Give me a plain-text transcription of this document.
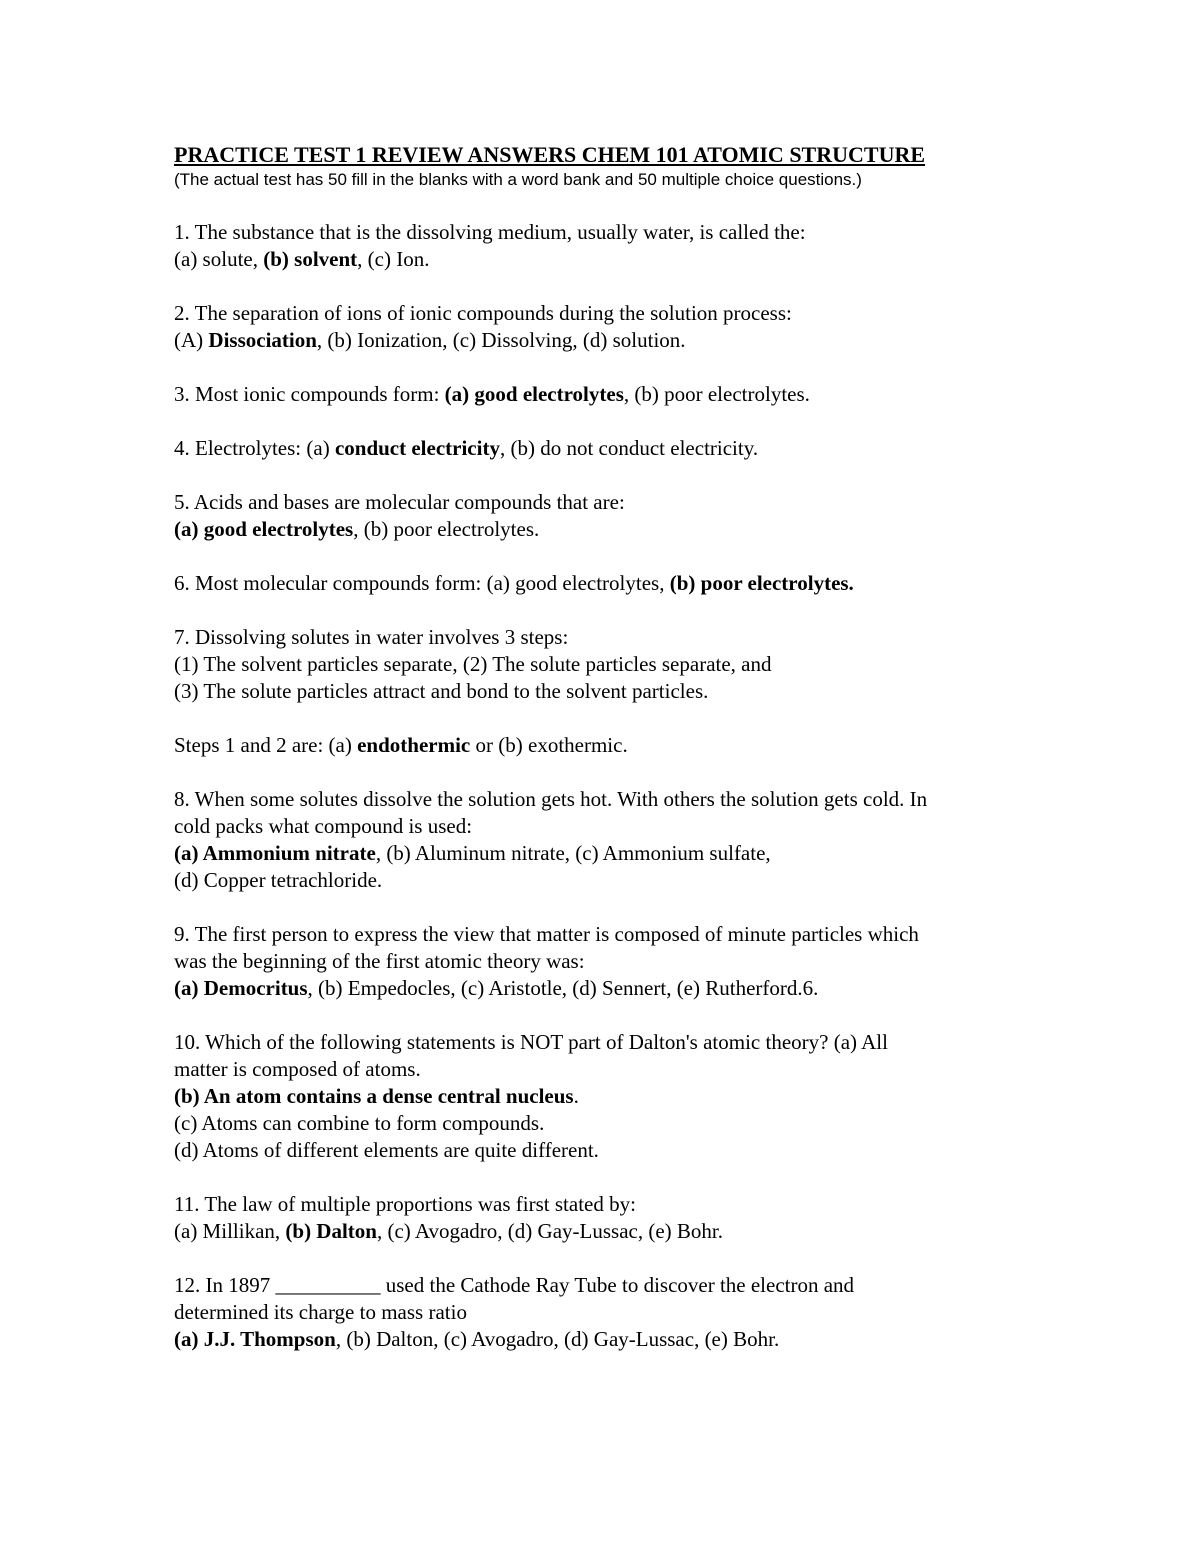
PRACTICE TEST 1 REVIEW ANSWERS CHEM 101 ATOMIC STRUCTURE
(The actual test has 50 fill in the blanks with a word bank and 50 multiple choice questions.)
1. The substance that is the dissolving medium, usually water, is called the:
(a) solute, (b) solvent, (c) Ion.
2. The separation of ions of ionic compounds during the solution process:
(A) Dissociation, (b) Ionization, (c) Dissolving, (d) solution.
3. Most ionic compounds form: (a) good electrolytes, (b) poor electrolytes.
4. Electrolytes: (a) conduct electricity, (b) do not conduct electricity.
5. Acids and bases are molecular compounds that are:
(a) good electrolytes, (b) poor electrolytes.
6. Most molecular compounds form: (a) good electrolytes, (b) poor electrolytes.
7. Dissolving solutes in water involves 3 steps:
(1) The solvent particles separate, (2) The solute particles separate, and
(3) The solute particles attract and bond to the solvent particles.
Steps 1 and 2 are: (a) endothermic or (b) exothermic.
8. When some solutes dissolve the solution gets hot. With others the solution gets cold. In
cold packs what compound is used:
(a) Ammonium nitrate, (b) Aluminum nitrate, (c) Ammonium sulfate,
(d) Copper tetrachloride.
9. The first person to express the view that matter is composed of minute particles which
was the beginning of the first atomic theory was:
(a) Democritus, (b) Empedocles, (c) Aristotle, (d) Sennert, (e) Rutherford.6.
10. Which of the following statements is NOT part of Dalton's atomic theory? (a) All
matter is composed of atoms.
(b) An atom contains a dense central nucleus.
(c) Atoms can combine to form compounds.
(d) Atoms of different elements are quite different.
11. The law of multiple proportions was first stated by:
(a) Millikan, (b) Dalton, (c) Avogadro, (d) Gay-Lussac, (e) Bohr.
12. In 1897 __________ used the Cathode Ray Tube to discover the electron and
determined its charge to mass ratio
(a) J.J. Thompson, (b) Dalton, (c) Avogadro, (d) Gay-Lussac, (e) Bohr.
